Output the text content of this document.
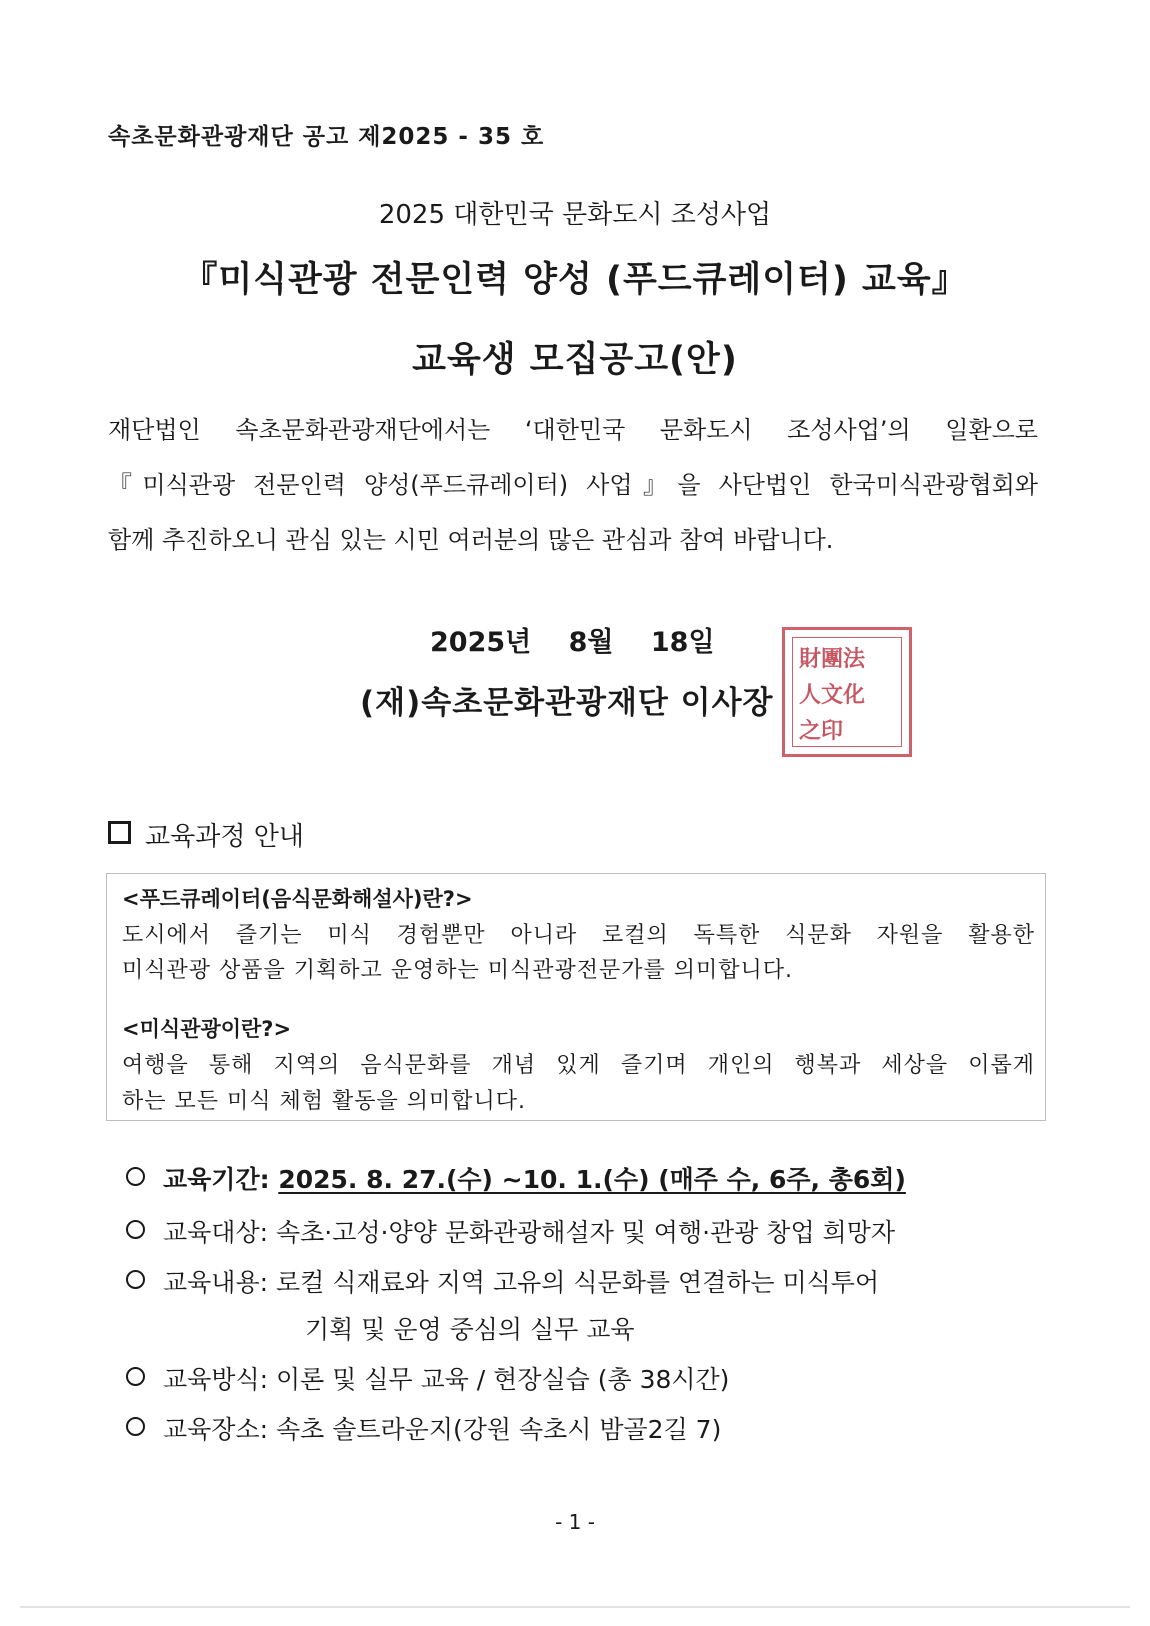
속초문화관광재단 공고 제2025 - 35 호
2025 대한민국 문화도시 조성사업
『미식관광 전문인력 양성 (푸드큐레이터) 교육』
교육생 모집공고(안)
재단법인 속초문화관광재단에서는 ‘대한민국 문화도시 조성사업’의 일환으로
『미식관광 전문인력 양성(푸드큐레이터) 사업』을 사단법인 한국미식관광협회와
함께 추진하오니 관심 있는 시민 여러분의 많은 관심과 참여 바랍니다.
財團法
人文化
之印
2025년 8월 18일
(재)속초문화관광재단 이사장
교육과정 안내
<푸드큐레이터(음식문화해설사)란?>
도시에서 즐기는 미식 경험뿐만 아니라 로컬의 독특한 식문화 자원을 활용한
미식관광 상품을 기획하고 운영하는 미식관광전문가를 의미합니다.
<미식관광이란?>
여행을 통해 지역의 음식문화를 개념 있게 즐기며 개인의 행복과 세상을 이롭게
하는 모든 미식 체험 활동을 의미합니다.
교육기간: 2025. 8. 27.(수) ~10. 1.(수) (매주 수, 6주, 총6회)
교육대상: 속초·고성·양양 문화관광해설자 및 여행·관광 창업 희망자
교육내용: 로컬 식재료와 지역 고유의 식문화를 연결하는 미식투어
기획 및 운영 중심의 실무 교육
교육방식: 이론 및 실무 교육 / 현장실습 (총 38시간)
교육장소: 속초 솔트라운지(강원 속초시 밤골2길 7)
- 1 -
